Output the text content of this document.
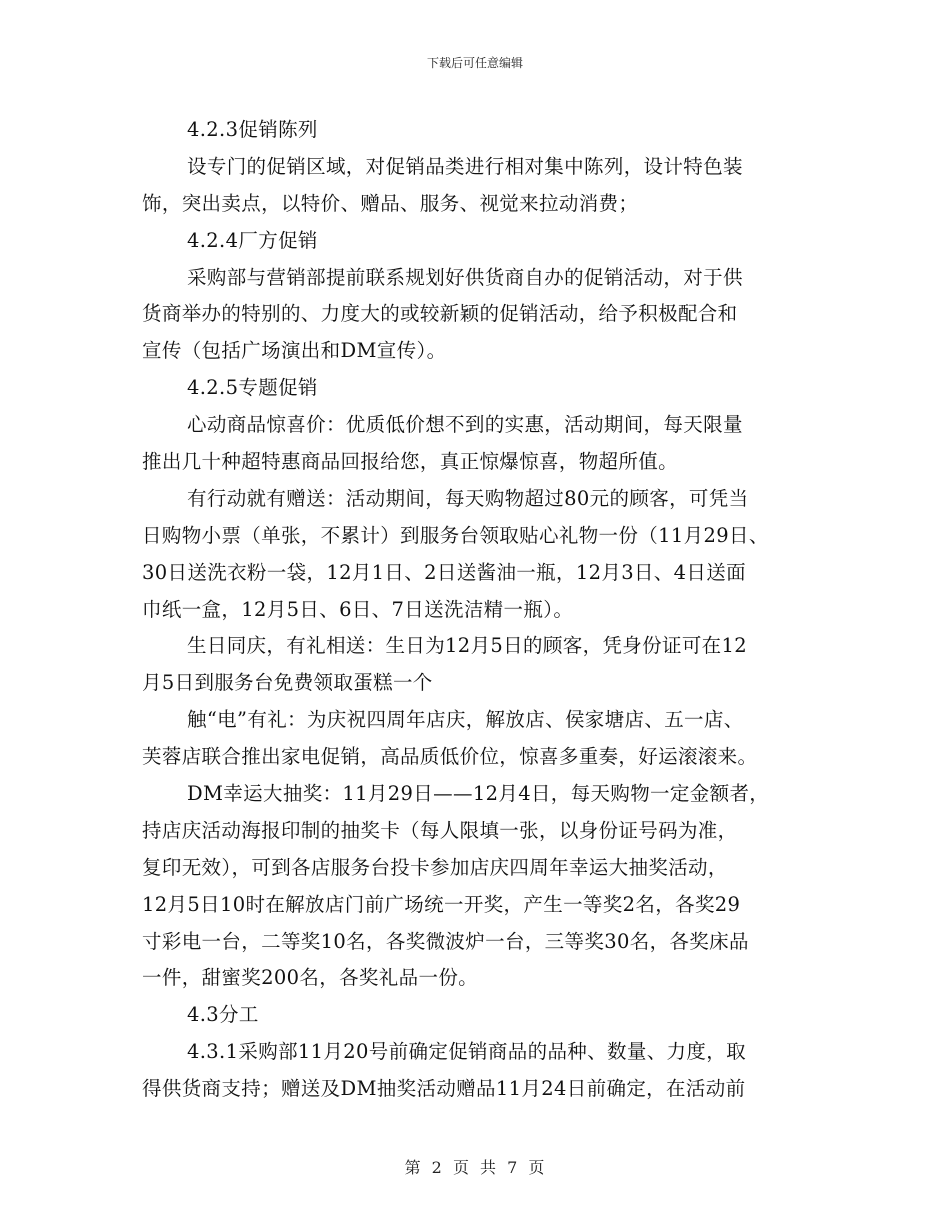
下载后可任意编辑
4.2.3促销陈列
设专门的促销区域，对促销品类进行相对集中陈列，设计特色装
饰，突出卖点，以特价、赠品、服务、视觉来拉动消费；
4.2.4厂方促销
采购部与营销部提前联系规划好供货商自办的促销活动，对于供
货商举办的特别的、力度大的或较新颖的促销活动，给予积极配合和
宣传（包括广场演出和DM宣传）。
4.2.5专题促销
心动商品惊喜价：优质低价想不到的实惠，活动期间，每天限量
推出几十种超特惠商品回报给您，真正惊爆惊喜，物超所值。
有行动就有赠送：活动期间，每天购物超过80元的顾客，可凭当
日购物小票（单张，不累计）到服务台领取贴心礼物一份（11月29日、
30日送洗衣粉一袋，12月1日、2日送酱油一瓶，12月3日、4日送面
巾纸一盒，12月5日、6日、7日送洗洁精一瓶）。
生日同庆，有礼相送：生日为12月5日的顾客，凭身份证可在12
月5日到服务台免费领取蛋糕一个
触“电”有礼：为庆祝四周年店庆，解放店、侯家塘店、五一店、
芙蓉店联合推出家电促销，高品质低价位，惊喜多重奏，好运滚滚来。
DM幸运大抽奖：11月29日——12月4日，每天购物一定金额者，
持店庆活动海报印制的抽奖卡（每人限填一张，以身份证号码为准，
复印无效），可到各店服务台投卡参加店庆四周年幸运大抽奖活动，
12月5日10时在解放店门前广场统一开奖，产生一等奖2名，各奖29
寸彩电一台，二等奖10名，各奖微波炉一台，三等奖30名，各奖床品
一件，甜蜜奖200名，各奖礼品一份。
4.3分工
4.3.1采购部11月20号前确定促销商品的品种、数量、力度，取
得供货商支持；赠送及DM抽奖活动赠品11月24日前确定，在活动前
第 2 页 共 7 页
